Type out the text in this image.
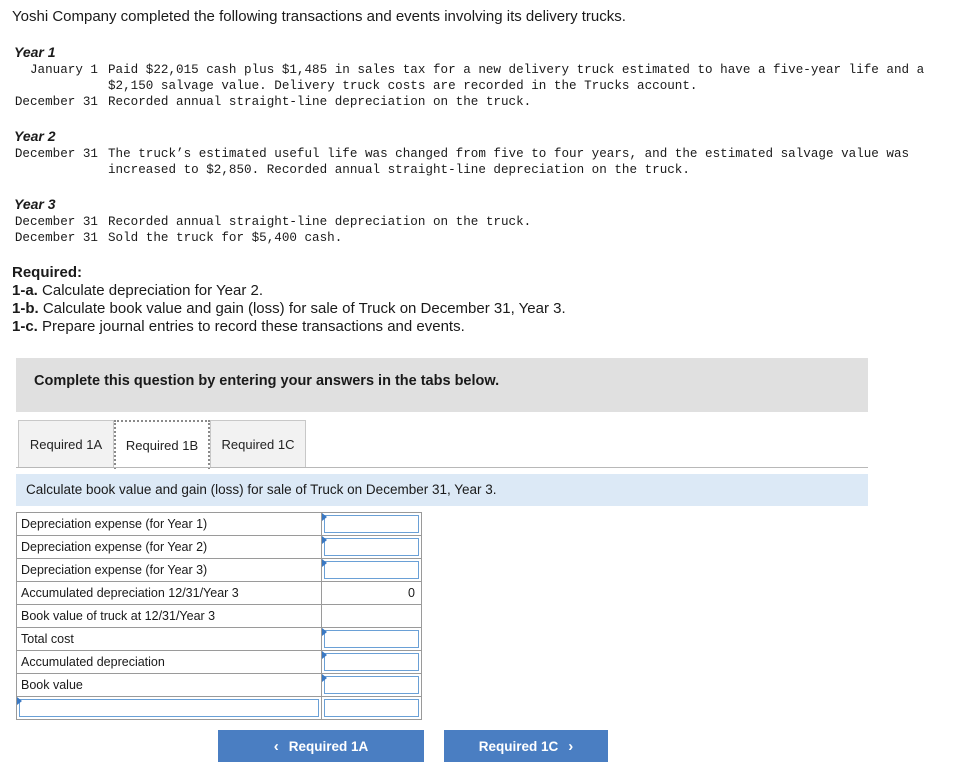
Yoshi Company completed the following transactions and events involving its delivery trucks.
Year 1
January 1 Paid $22,015 cash plus $1,485 in sales tax for a new delivery truck estimated to have a five-year life and a
$2,150 salvage value. Delivery truck costs are recorded in the Trucks account.
December 31 Recorded annual straight-line depreciation on the truck.
Year 2
December 31 The truck’s estimated useful life was changed from five to four years, and the estimated salvage value was
increased to $2,850. Recorded annual straight-line depreciation on the truck.
Year 3
December 31 Recorded annual straight-line depreciation on the truck.
December 31 Sold the truck for $5,400 cash.
Required:
1-a. Calculate depreciation for Year 2.
1-b. Calculate book value and gain (loss) for sale of Truck on December 31, Year 3.
1-c. Prepare journal entries to record these transactions and events.
Complete this question by entering your answers in the tabs below.
Required 1A	Required 1B	Required 1C
Calculate book value and gain (loss) for sale of Truck on December 31, Year 3.
Depreciation expense (for Year 1)	

Depreciation expense (for Year 2)	

Depreciation expense (for Year 3)	

Accumulated depreciation 12/31/Year 3	0

Book value of truck at 12/31/Year 3	

Total cost	

Accumulated depreciation	

Book value	

‹ Required 1A	Required 1C ›
